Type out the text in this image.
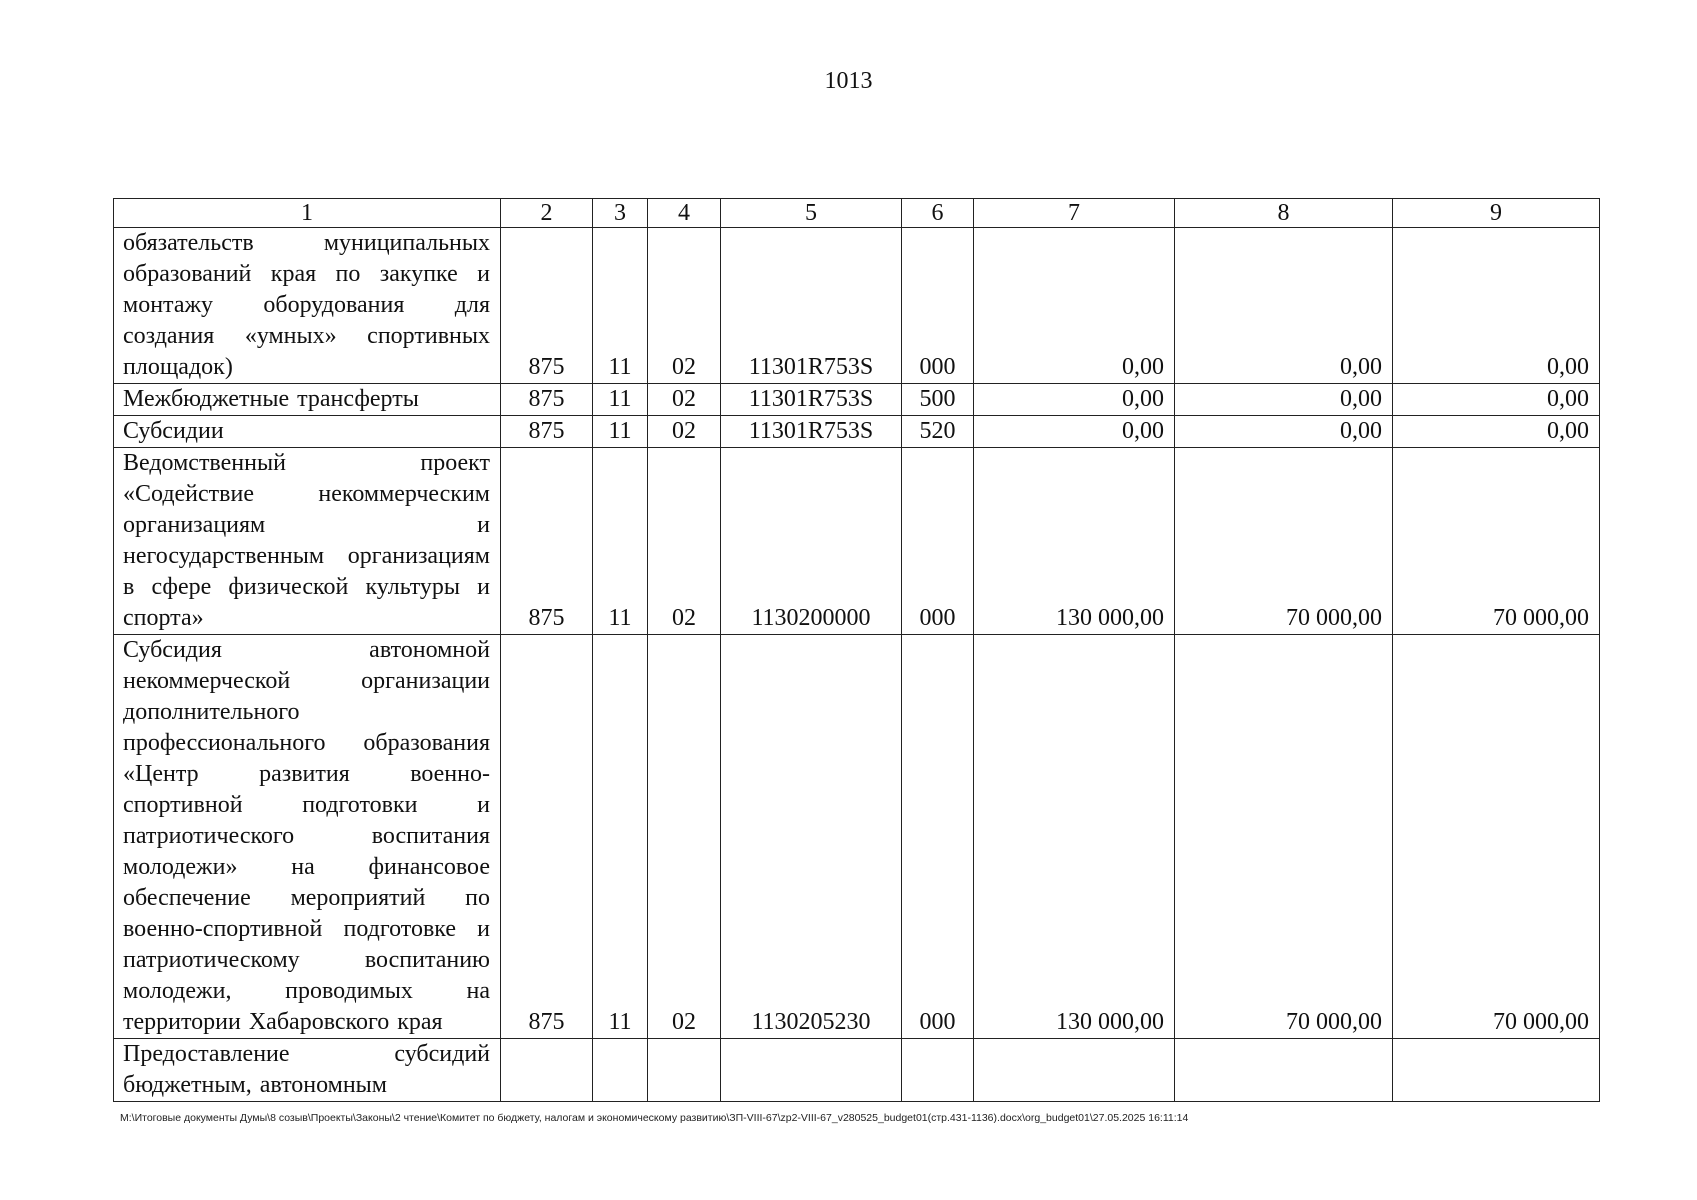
1013
1	2	3	4	5	6	7	8	9
обязательств муниципальных образований края по закупке и монтажу оборудования для создания «умных» спортивных площадок)	875	11	02	11301R753S	000	0,00	0,00	0,00
Межбюджетные трансферты	875	11	02	11301R753S	500	0,00	0,00	0,00
Субсидии	875	11	02	11301R753S	520	0,00	0,00	0,00
Ведомственный проект «Содействие некоммерческим организациям и негосударственным организациям в сфере физической культуры и спорта»	875	11	02	1130200000	000	130 000,00	70 000,00	70 000,00
Субсидия автономной некоммерческой организации дополнительного профессионального образования «Центр развития военно-спортивной подготовки и патриотического воспитания молодежи» на финансовое обеспечение мероприятий по военно-спортивной подготовке и патриотическому воспитанию молодежи, проводимых на территории Хабаровского края	875	11	02	1130205230	000	130 000,00	70 000,00	70 000,00
Предоставление субсидий бюджетным, автономным								
M:\Итоговые документы Думы\8 созыв\Проекты\Законы\2 чтение\Комитет по бюджету, налогам и экономическому развитию\ЗП-VIII-67\zp2-VIII-67_v280525_budget01(стр.431-1136).docx\org_budget01\27.05.2025 16:11:14
